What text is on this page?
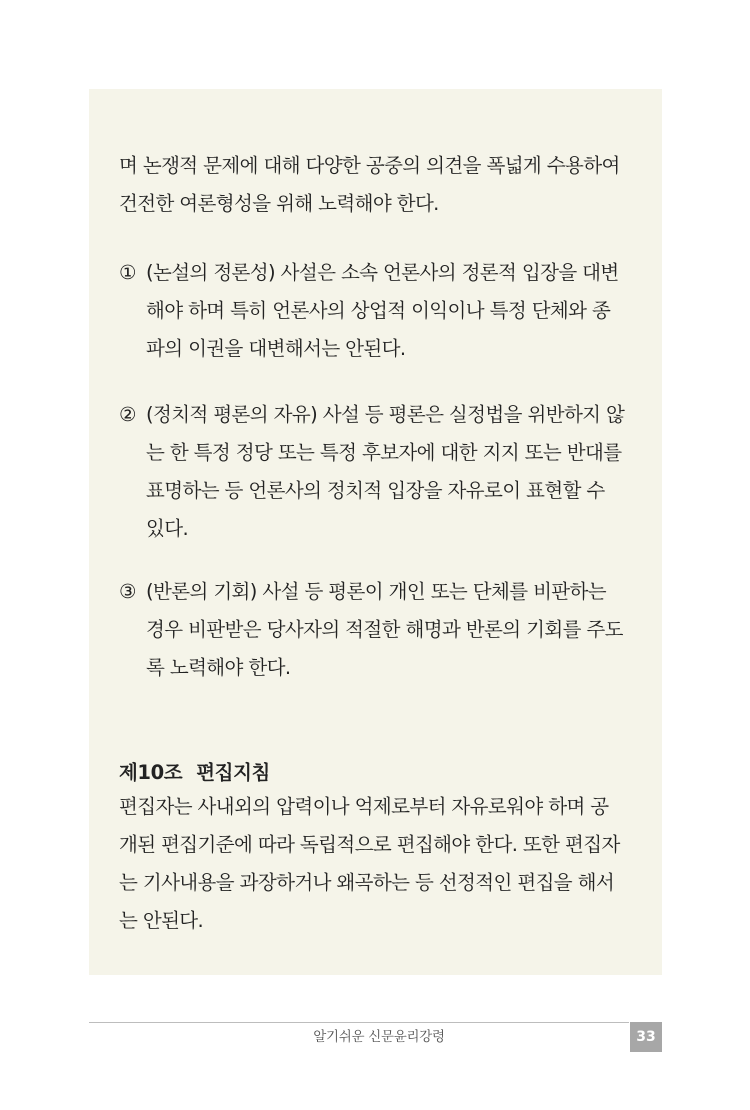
며 논쟁적 문제에 대해 다양한 공중의 의견을 폭넓게 수용하여
건전한 여론형성을 위해 노력해야 한다.
① (논설의 정론성) 사설은 소속 언론사의 정론적 입장을 대변
해야 하며 특히 언론사의 상업적 이익이나 특정 단체와 종
파의 이권을 대변해서는 안된다.
② (정치적 평론의 자유) 사설 등 평론은 실정법을 위반하지 않
는 한 특정 정당 또는 특정 후보자에 대한 지지 또는 반대를
표명하는 등 언론사의 정치적 입장을 자유로이 표현할 수
있다.
③ (반론의 기회) 사설 등 평론이 개인 또는 단체를 비판하는
경우 비판받은 당사자의 적절한 해명과 반론의 기회를 주도
록 노력해야 한다.
제10조 편집지침
편집자는 사내외의 압력이나 억제로부터 자유로워야 하며 공
개된 편집기준에 따라 독립적으로 편집해야 한다. 또한 편집자
는 기사내용을 과장하거나 왜곡하는 등 선정적인 편집을 해서
는 안된다.
알기쉬운 신문윤리강령	33
